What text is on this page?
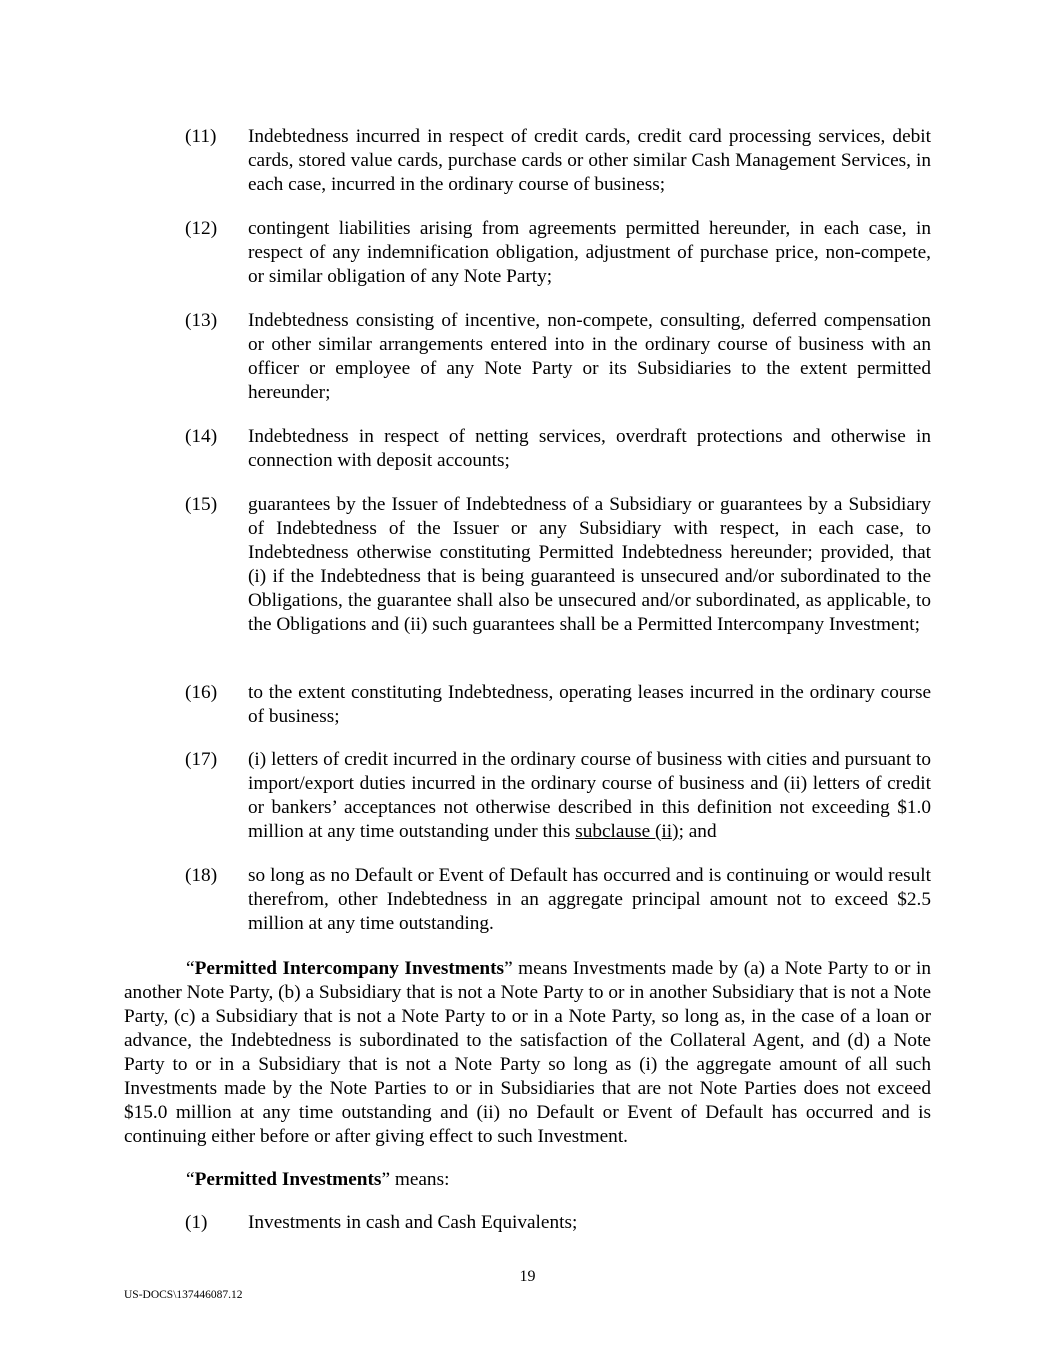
(11)	Indebtedness incurred in respect of credit cards, credit card processing services, debit cards, stored value cards, purchase cards or other similar Cash Management Services, in each case, incurred in the ordinary course of business;
(12)	contingent liabilities arising from agreements permitted hereunder, in each case, in respect of any indemnification obligation, adjustment of purchase price, non-compete, or similar obligation of any Note Party;
(13)	Indebtedness consisting of incentive, non-compete, consulting, deferred compensation or other similar arrangements entered into in the ordinary course of business with an officer or employee of any Note Party or its Subsidiaries to the extent permitted hereunder;
(14)	Indebtedness in respect of netting services, overdraft protections and otherwise in connection with deposit accounts;
(15)	guarantees by the Issuer of Indebtedness of a Subsidiary or guarantees by a Subsidiary of Indebtedness of the Issuer or any Subsidiary with respect, in each case, to Indebtedness otherwise constituting Permitted Indebtedness hereunder; provided, that (i) if the Indebtedness that is being guaranteed is unsecured and/or subordinated to the Obligations, the guarantee shall also be unsecured and/or subordinated, as applicable, to the Obligations and (ii) such guarantees shall be a Permitted Intercompany Investment;
(16)	to the extent constituting Indebtedness, operating leases incurred in the ordinary course of business;
(17)	(i) letters of credit incurred in the ordinary course of business with cities and pursuant to import/export duties incurred in the ordinary course of business and (ii) letters of credit or bankers’ acceptances not otherwise described in this definition not exceeding $1.0 million at any time outstanding under this subclause (ii); and
(18)	so long as no Default or Event of Default has occurred and is continuing or would result therefrom, other Indebtedness in an aggregate principal amount not to exceed $2.5 million at any time outstanding.
“Permitted Intercompany Investments” means Investments made by (a) a Note Party to or in another Note Party, (b) a Subsidiary that is not a Note Party to or in another Subsidiary that is not a Note Party, (c) a Subsidiary that is not a Note Party to or in a Note Party, so long as, in the case of a loan or advance, the Indebtedness is subordinated to the satisfaction of the Collateral Agent, and (d) a Note Party to or in a Subsidiary that is not a Note Party so long as (i) the aggregate amount of all such Investments made by the Note Parties to or in Subsidiaries that are not Note Parties does not exceed $15.0 million at any time outstanding and (ii) no Default or Event of Default has occurred and is continuing either before or after giving effect to such Investment.
“Permitted Investments” means:
(1)	Investments in cash and Cash Equivalents;
19
US-DOCS\137446087.12
